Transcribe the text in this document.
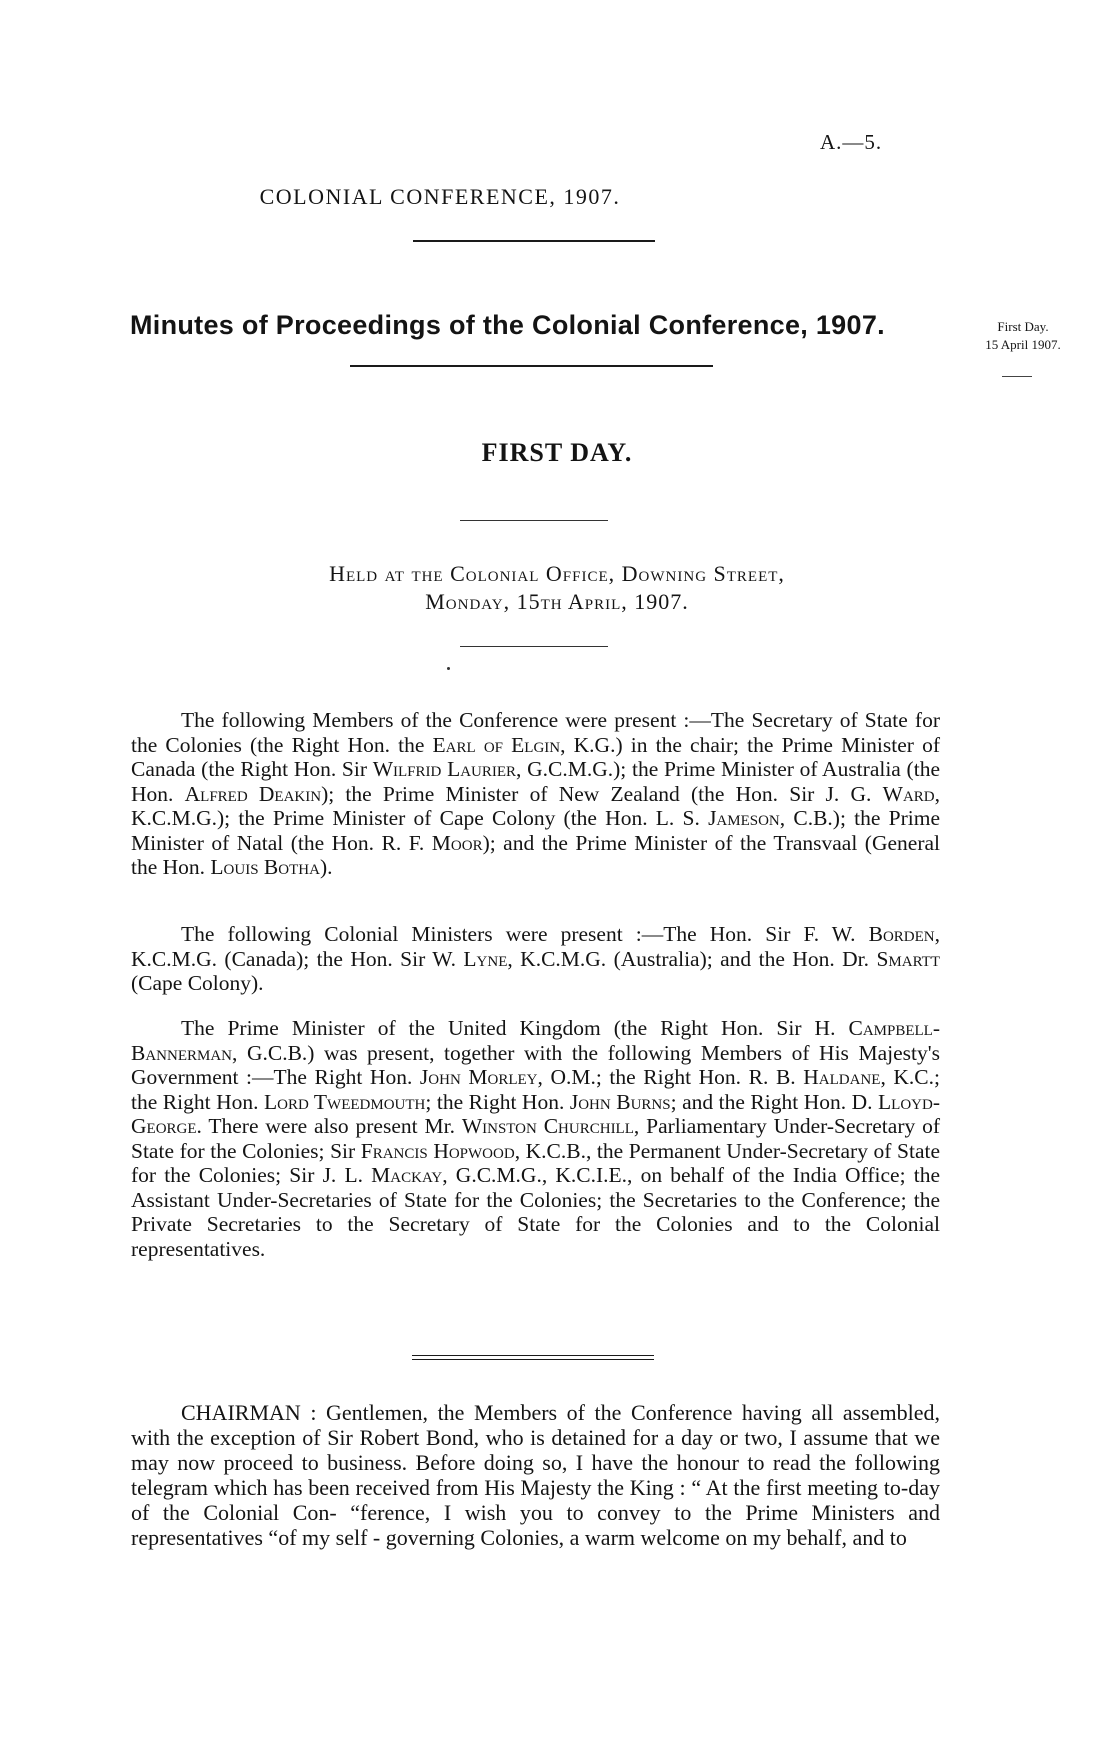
A.—5.
COLONIAL CONFERENCE, 1907.
Minutes of Proceedings of the Colonial Conference, 1907.	First Day.
15 April 1907.
FIRST DAY.
Held at the Colonial Office, Downing Street,
Monday, 15th April, 1907.
The following Members of the Conference were present :—The Secretary of State for the Colonies (the Right Hon. the Earl of Elgin, K.G.) in the chair; the Prime Minister of Canada (the Right Hon. Sir Wilfrid Laurier, G.C.M.G.); the Prime Minister of Australia (the Hon. Alfred Deakin); the Prime Minister of New Zealand (the Hon. Sir J. G. Ward, K.C.M.G.); the Prime Minister of Cape Colony (the Hon. L. S. Jameson, C.B.); the Prime Minister of Natal (the Hon. R. F. Moor); and the Prime Minister of the Transvaal (General the Hon. Louis Botha).
The following Colonial Ministers were present :—The Hon. Sir F. W. Borden, K.C.M.G. (Canada); the Hon. Sir W. Lyne, K.C.M.G. (Australia); and the Hon. Dr. Smartt (Cape Colony).
The Prime Minister of the United Kingdom (the Right Hon. Sir H. Campbell-Bannerman, G.C.B.) was present, together with the following Members of His Majesty's Government :—The Right Hon. John Morley, O.M.; the Right Hon. R. B. Haldane, K.C.; the Right Hon. Lord Tweedmouth; the Right Hon. John Burns; and the Right Hon. D. Lloyd-George. There were also present Mr. Winston Churchill, Parliamentary Under-Secretary of State for the Colonies; Sir Francis Hopwood, K.C.B., the Permanent Under-Secretary of State for the Colonies; Sir J. L. Mackay, G.C.M.G., K.C.I.E., on behalf of the India Office; the Assistant Under-Secretaries of State for the Colonies; the Secretaries to the Conference; the Private Secretaries to the Secretary of State for the Colonies and to the Colonial representatives.
CHAIRMAN : Gentlemen, the Members of the Conference having all assembled, with the exception of Sir Robert Bond, who is detained for a day or two, I assume that we may now proceed to business. Before doing so, I have the honour to read the following telegram which has been received from His Majesty the King : “ At the first meeting to-day of the Colonial Con- “ference, I wish you to convey to the Prime Ministers and representatives “of my self - governing Colonies, a warm welcome on my behalf, and to
